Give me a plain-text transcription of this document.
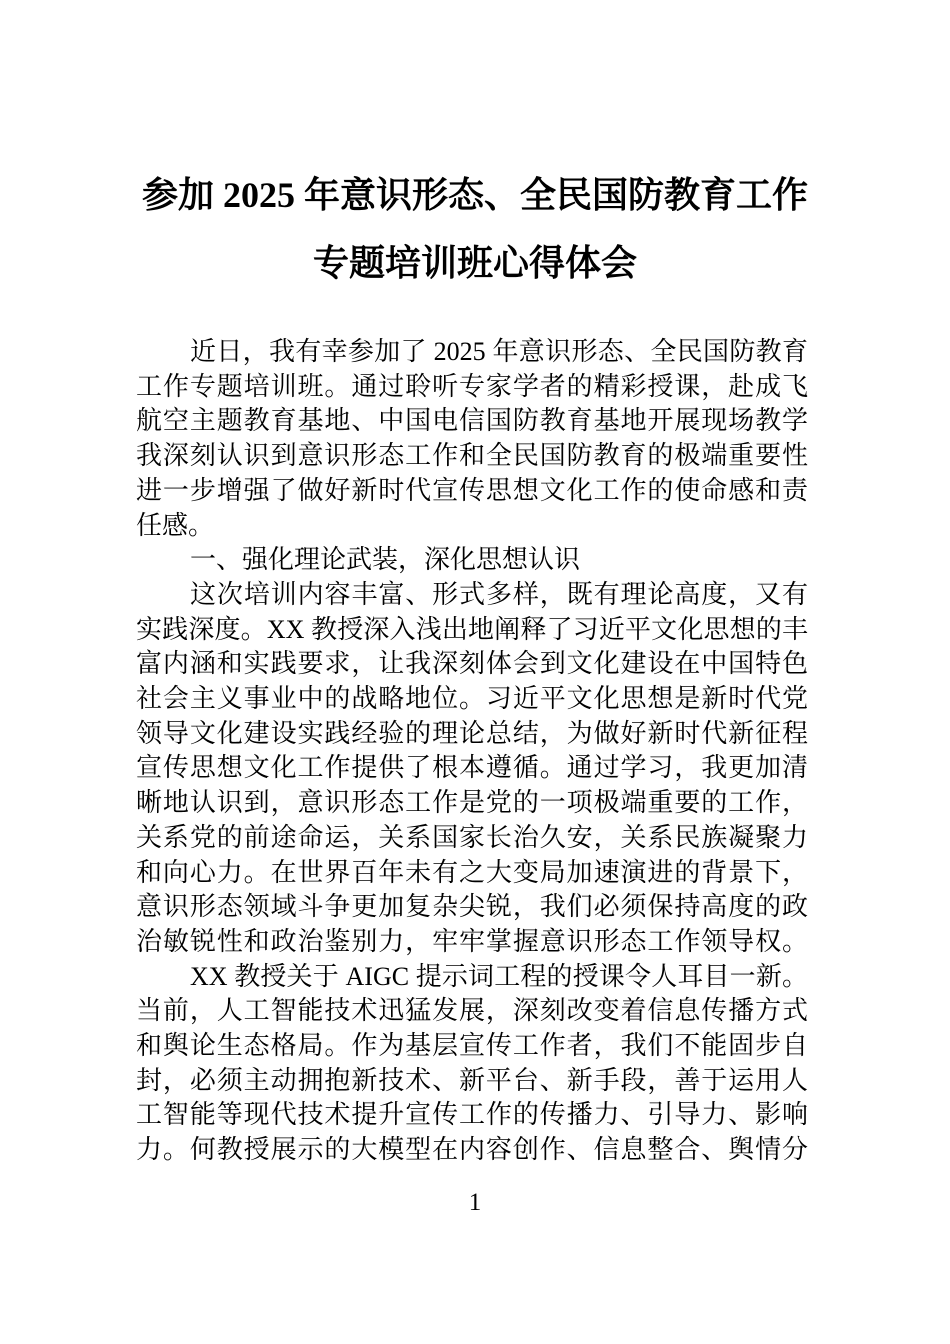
参加 2025 年意识形态、全民国防教育工作
专题培训班心得体会
近日，我有幸参加了 2025 年意识形态、全民国防教育
工作专题培训班。通过聆听专家学者的精彩授课，赴成飞
航空主题教育基地、中国电信国防教育基地开展现场教学
我深刻认识到意识形态工作和全民国防教育的极端重要性
进一步增强了做好新时代宣传思想文化工作的使命感和责
任感。
一、强化理论武装，深化思想认识
这次培训内容丰富、形式多样，既有理论高度，又有
实践深度。XX 教授深入浅出地阐释了习近平文化思想的丰
富内涵和实践要求，让我深刻体会到文化建设在中国特色
社会主义事业中的战略地位。习近平文化思想是新时代党
领导文化建设实践经验的理论总结，为做好新时代新征程
宣传思想文化工作提供了根本遵循。通过学习，我更加清
晰地认识到，意识形态工作是党的一项极端重要的工作，
关系党的前途命运，关系国家长治久安，关系民族凝聚力
和向心力。在世界百年未有之大变局加速演进的背景下，
意识形态领域斗争更加复杂尖锐，我们必须保持高度的政
治敏锐性和政治鉴别力，牢牢掌握意识形态工作领导权。
XX 教授关于 AIGC 提示词工程的授课令人耳目一新。
当前，人工智能技术迅猛发展，深刻改变着信息传播方式
和舆论生态格局。作为基层宣传工作者，我们不能固步自
封，必须主动拥抱新技术、新平台、新手段，善于运用人
工智能等现代技术提升宣传工作的传播力、引导力、影响
力。何教授展示的大模型在内容创作、信息整合、舆情分
1
